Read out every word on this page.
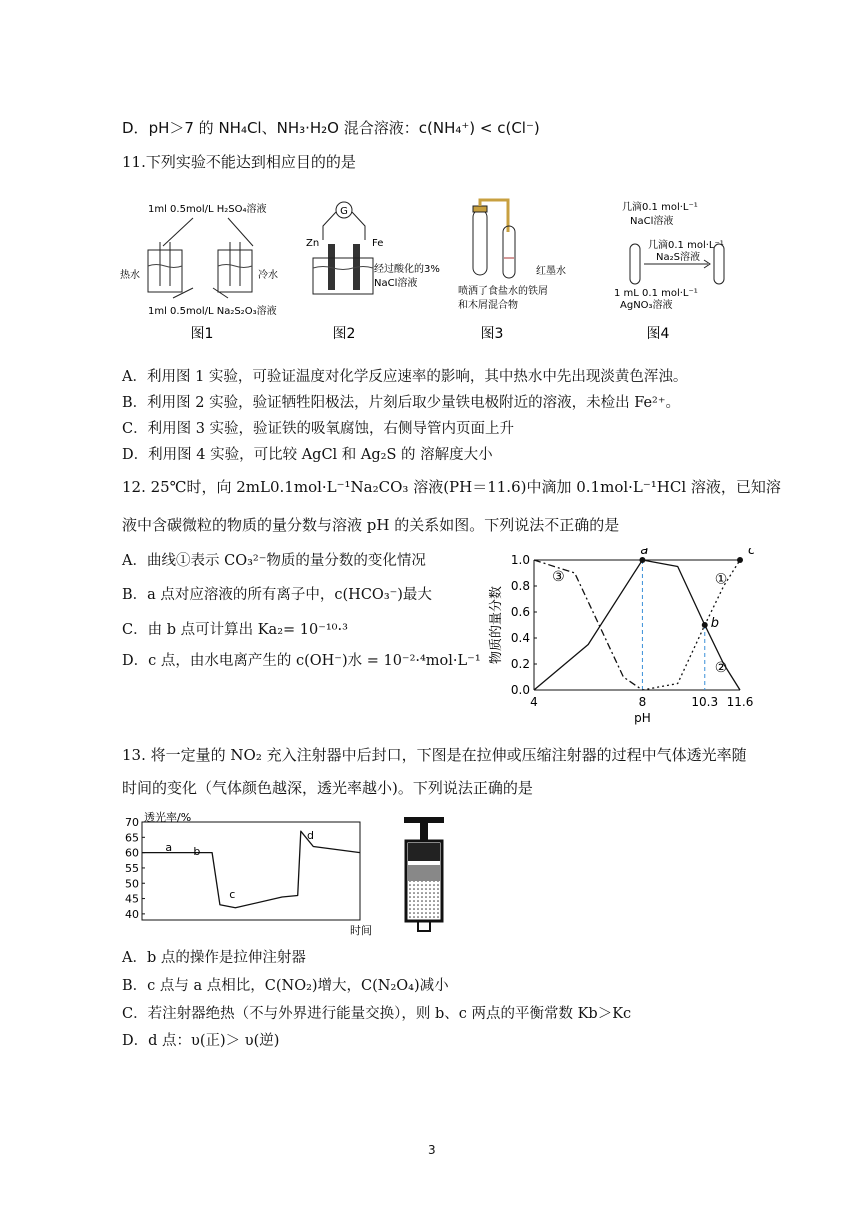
D．pH＞7 的 NH₄Cl、NH₃·H₂O 混合溶液：c(NH₄⁺) < c(Cl⁻)
11.下列实验不能达到相应目的的是
1ml 0.5mol/L H₂SO₄溶液
热水	冷水
1ml 0.5mol/L Na₂S₂O₃溶液
图1
G
Zn	Fe
经过酸化的3%
NaCl溶液
图2
红墨水
喷洒了食盐水的铁屑
和木屑混合物
图3
几滴0.1 mol·L⁻¹
NaCl溶液
几滴0.1 mol·L⁻¹
Na₂S溶液
1 mL 0.1 mol·L⁻¹
AgNO₃溶液
图4
A．利用图 1 实验，可验证温度对化学反应速率的影响，其中热水中先出现淡黄色浑浊。
B．利用图 2 实验，验证牺牲阳极法，片刻后取少量铁电极附近的溶液，未检出 Fe²⁺。
C．利用图 3 实验，验证铁的吸氧腐蚀，右侧导管内页面上升
D．利用图 4 实验，可比较 AgCl 和 Ag₂S 的 溶解度大小
12. 25℃时，向 2mL0.1mol·L⁻¹Na₂CO₃ 溶液(PH＝11.6)中滴加 0.1mol·L⁻¹HCl 溶液，已知溶
液中含碳微粒的物质的量分数与溶液 pH 的关系如图。下列说法不正确的是
A．曲线①表示 CO₃²⁻物质的量分数的变化情况
B．a 点对应溶液的所有离子中，c(HCO₃⁻)最大
C．由 b 点可计算出 Ka₂= 10⁻¹⁰·³
D．c 点，由水电离产生的 c(OH⁻)水 = 10⁻²·⁴mol·L⁻¹
0.0
0.2
0.4
0.6
0.8
1.0
4	8	10.3 11.6
pH
物质的量分数
①
②
③
a
b
c
13. 将一定量的 NO₂ 充入注射器中后封口，下图是在拉伸或压缩注射器的过程中气体透光率随
时间的变化（气体颜色越深，透光率越小)。下列说法正确的是
透光率/%
时间
40
45
50
55
60
65
70
a b
c
d
A．b 点的操作是拉伸注射器
B．c 点与 a 点相比，C(NO₂)增大，C(N₂O₄)减小
C．若注射器绝热（不与外界进行能量交换），则 b、c 两点的平衡常数 Kb＞Kc
D．d 点：υ(正)＞ υ(逆)
3
